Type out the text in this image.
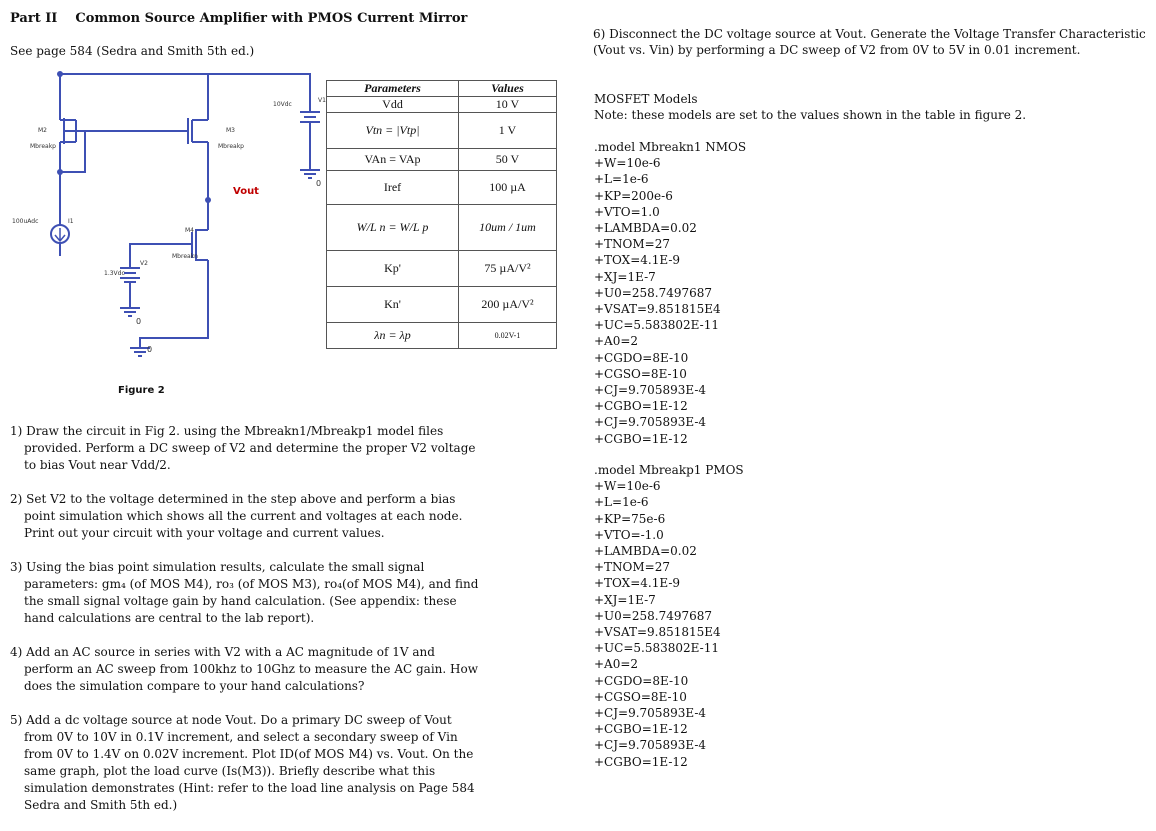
Part II Common Source Amplifier with PMOS Current Mirror
See page 584 (Sedra and Smith 5th ed.)
M2
Mbreakp
M3
Mbreakp
M4
Mbreakn
10Vdc
V1
100uAdc	I1
V2
1.3Vdc
0
0
0
Vout
Figure 2
Parameters	Values
Vdd	10 V
Vtn = |Vtp|	1 V
VAn = VAp	50 V
Iref	100 µA
W/L n = W/L p	10um / 1um
Kp'	75 µA/V²
Kn'	200 µA/V²
λn = λp	0.02V-1

1) Draw the circuit in Fig 2. using the Mbreakn1/Mbreakp1 model files provided. Perform a DC sweep of V2 and determine the proper V2 voltage to bias Vout near Vdd/2.

2) Set V2 to the voltage determined in the step above and perform a bias point simulation which shows all the current and voltages at each node. Print out your circuit with your voltage and current values.

3) Using the bias point simulation results, calculate the small signal parameters: gm₄ (of MOS M4), ro₃ (of MOS M3), ro₄(of MOS M4), and find the small signal voltage gain by hand calculation. (See appendix: these hand calculations are central to the lab report).

4) Add an AC source in series with V2 with a AC magnitude of 1V and perform an AC sweep from 100khz to 10Ghz to measure the AC gain. How does the simulation compare to your hand calculations?

5) Add a dc voltage source at node Vout. Do a primary DC sweep of Vout from 0V to 10V in 0.1V increment, and select a secondary sweep of Vin from 0V to 1.4V on 0.02V increment. Plot ID(of MOS M4) vs. Vout. On the same graph, plot the load curve (Is(M3)). Briefly describe what this simulation demonstrates (Hint: refer to the load line analysis on Page 584 Sedra and Smith 5th ed.)

6) Disconnect the DC voltage source at Vout. Generate the Voltage Transfer Characteristic (Vout vs. Vin) by performing a DC sweep of V2 from 0V to 5V in 0.01 increment.
MOSFET Models
Note: these models are set to the values shown in the table in figure 2.
.model Mbreakn1 NMOS
+W=10e-6
+L=1e-6
+KP=200e-6
+VTO=1.0
+LAMBDA=0.02
+TNOM=27
+TOX=4.1E-9
+XJ=1E-7
+U0=258.7497687
+VSAT=9.851815E4
+UC=5.583802E-11
+A0=2
+CGDO=8E-10
+CGSO=8E-10
+CJ=9.705893E-4
+CGBO=1E-12
+CJ=9.705893E-4
+CGBO=1E-12
.model Mbreakp1 PMOS
+W=10e-6
+L=1e-6
+KP=75e-6
+VTO=-1.0
+LAMBDA=0.02
+TNOM=27
+TOX=4.1E-9
+XJ=1E-7
+U0=258.7497687
+VSAT=9.851815E4
+UC=5.583802E-11
+A0=2
+CGDO=8E-10
+CGSO=8E-10
+CJ=9.705893E-4
+CGBO=1E-12
+CJ=9.705893E-4
+CGBO=1E-12
